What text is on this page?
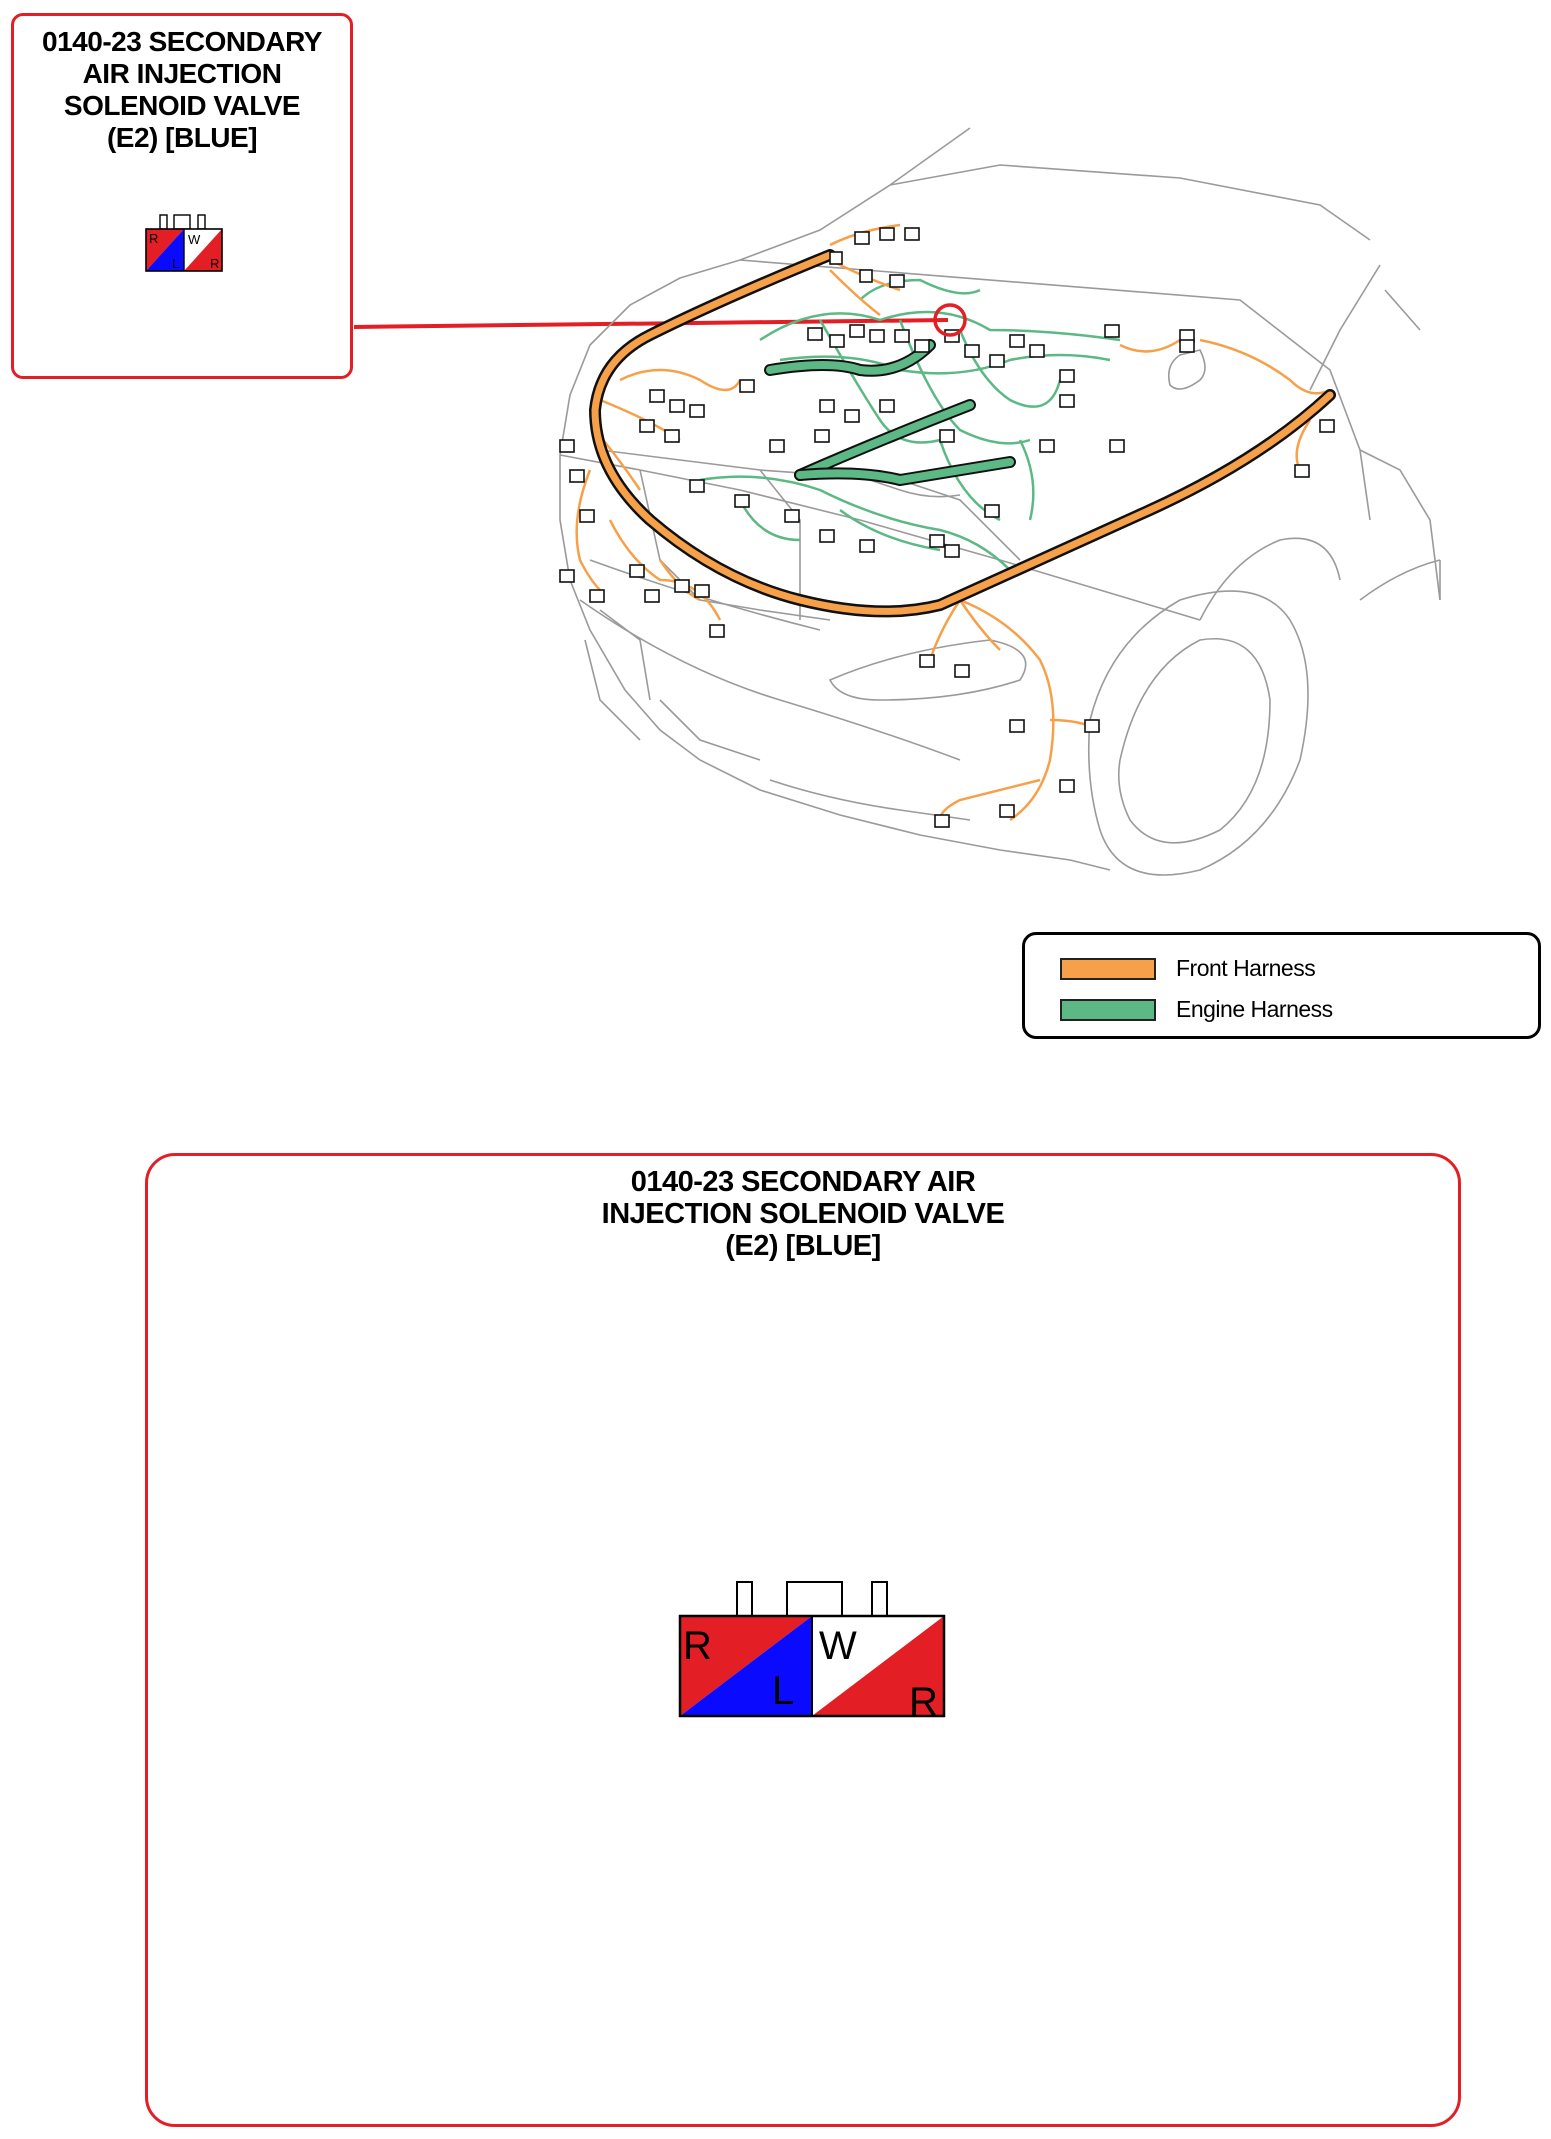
0140-23 SECONDARY
AIR INJECTION
SOLENOID VALVE
(E2) [BLUE]
R
L
W
R
Front Harness
Engine Harness
0140-23 SECONDARY AIR
INJECTION SOLENOID VALVE
(E2) [BLUE]
R
L
W
R
